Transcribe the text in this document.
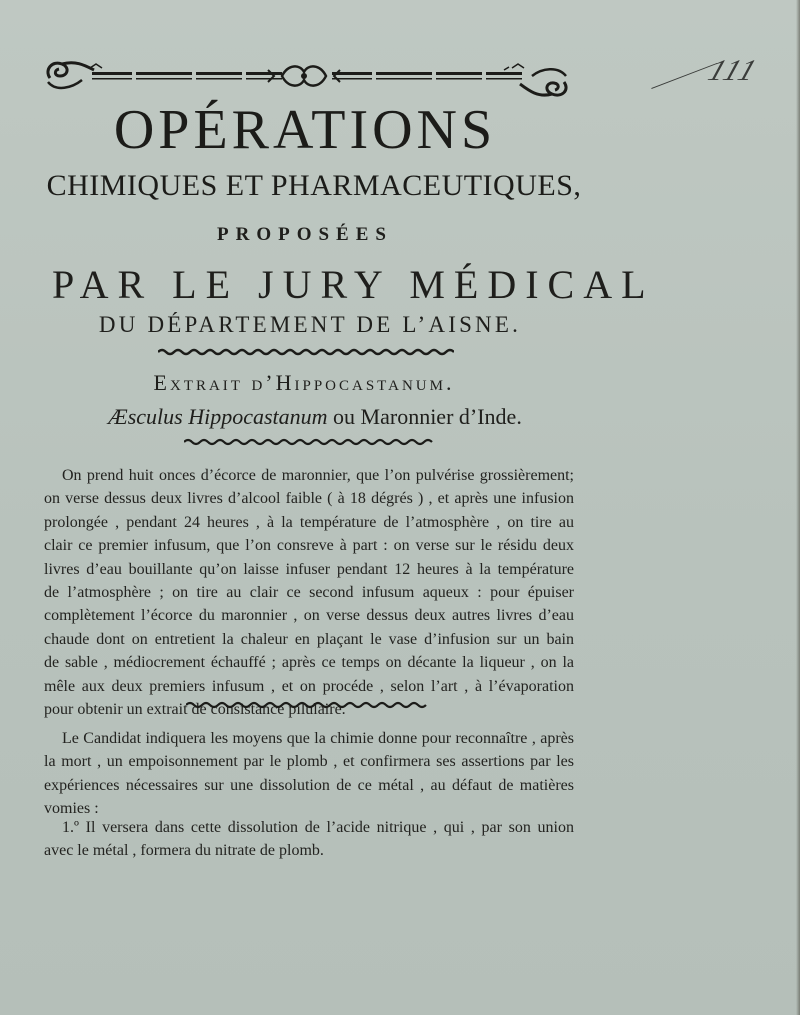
111
OPÉRATIONS
CHIMIQUES ET PHARMACEUTIQUES,
PROPOSÉES
PAR LE JURY MÉDICAL
DU DÉPARTEMENT DE L’AISNE.
Extrait d’Hippocastanum.
Æsculus Hippocastanum ou Maronnier d’Inde.

On prend huit onces d’écorce de maronnier, que l’on pulvérise grossièrement;
on verse dessus deux livres d’alcool faible ( à 18 dégrés ) , et après une infusion
prolongée , pendant 24 heures , à la température de l’atmosphère , on tire au
clair ce premier infusum, que l’on consreve à part : on verse sur le résidu deux
livres d’eau bouillante qu’on laisse infuser pendant 12 heures à la température
de l’atmosphère ; on tire au clair ce second infusum aqueux : pour épuiser
complètement l’écorce du maronnier , on verse dessus deux autres livres d’eau
chaude dont on entretient la chaleur en plaçant le vase d’infusion sur un bain
de sable , médiocrement échauffé ; après ce temps on décante la liqueur , on la
mêle aux deux premiers infusum , et on procéde , selon l’art , à l’évaporation
pour obtenir un extrait de consistance pilulaire.

Le Candidat indiquera les moyens que la chimie donne pour reconnaître , après
la mort , un empoisonnement par le plomb , et confirmera ses assertions par les
expériences nécessaires sur une dissolution de ce métal , au défaut de matières
vomies :

1.º Il versera dans cette dissolution de l’acide nitrique , qui , par son union
avec le métal , formera du nitrate de plomb.
